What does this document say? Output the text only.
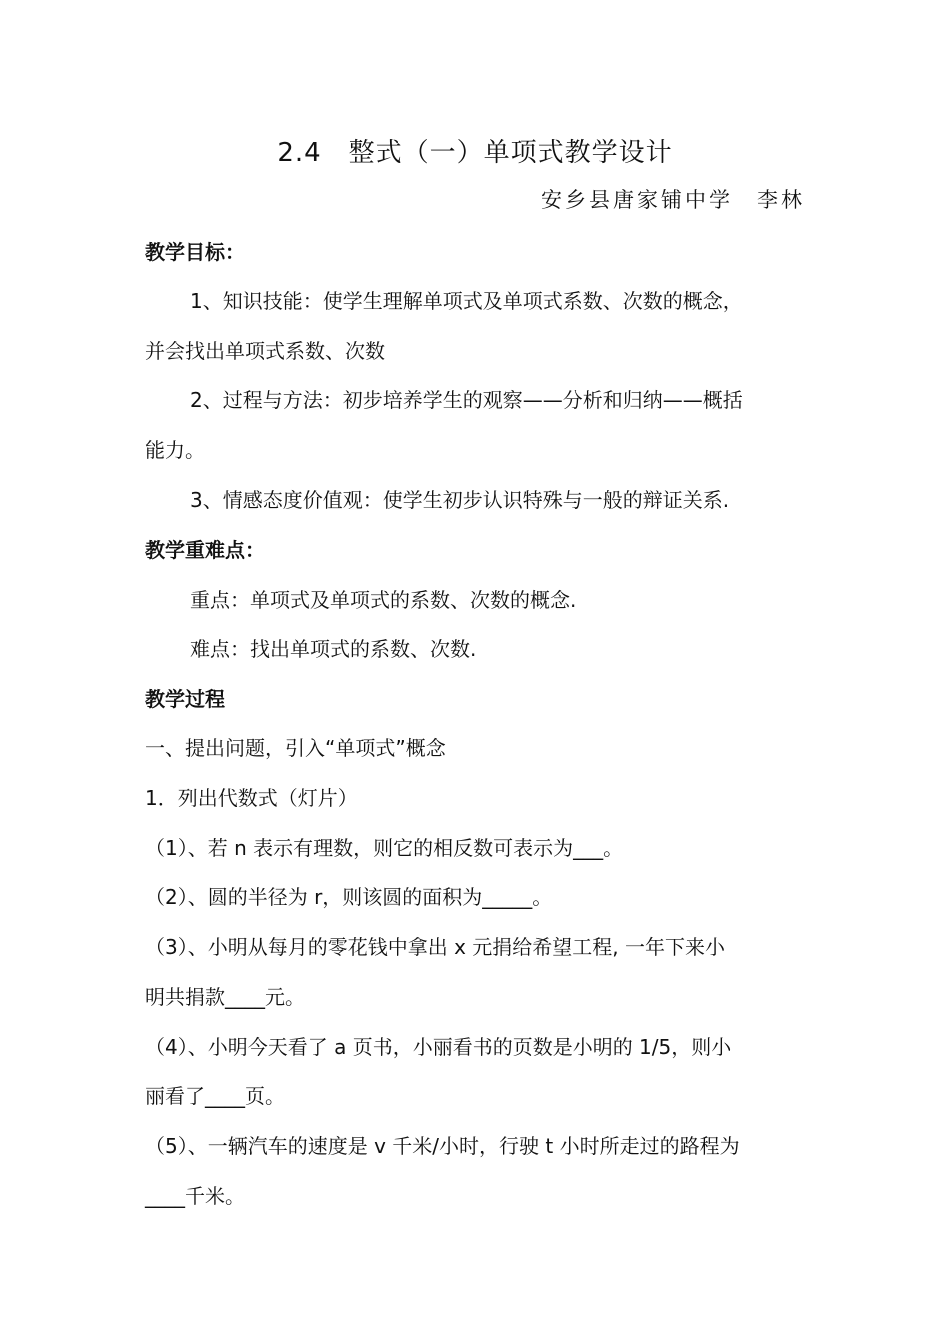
2.4　整式（一）单项式教学设计
安乡县唐家铺中学　李林
教学目标：
1、知识技能：使学生理解单项式及单项式系数、次数的概念，
并会找出单项式系数、次数
2、过程与方法：初步培养学生的观察——分析和归纳——概括
能力。
3、情感态度价值观：使学生初步认识特殊与一般的辩证关系.
教学重难点：
重点：单项式及单项式的系数、次数的概念.
难点：找出单项式的系数、次数.
教学过程
一、提出问题，引入“单项式”概念
1．列出代数式（灯片）
（1）、若 n 表示有理数，则它的相反数可表示为___。
（2）、圆的半径为 r，则该圆的面积为_____。
（3）、小明从每月的零花钱中拿出 x 元捐给希望工程, 一年下来小
明共捐款____元。
（4）、小明今天看了 a 页书，小丽看书的页数是小明的 1/5，则小
丽看了____页。
（5）、一辆汽车的速度是 v 千米/小时，行驶 t 小时所走过的路程为
____千米。
